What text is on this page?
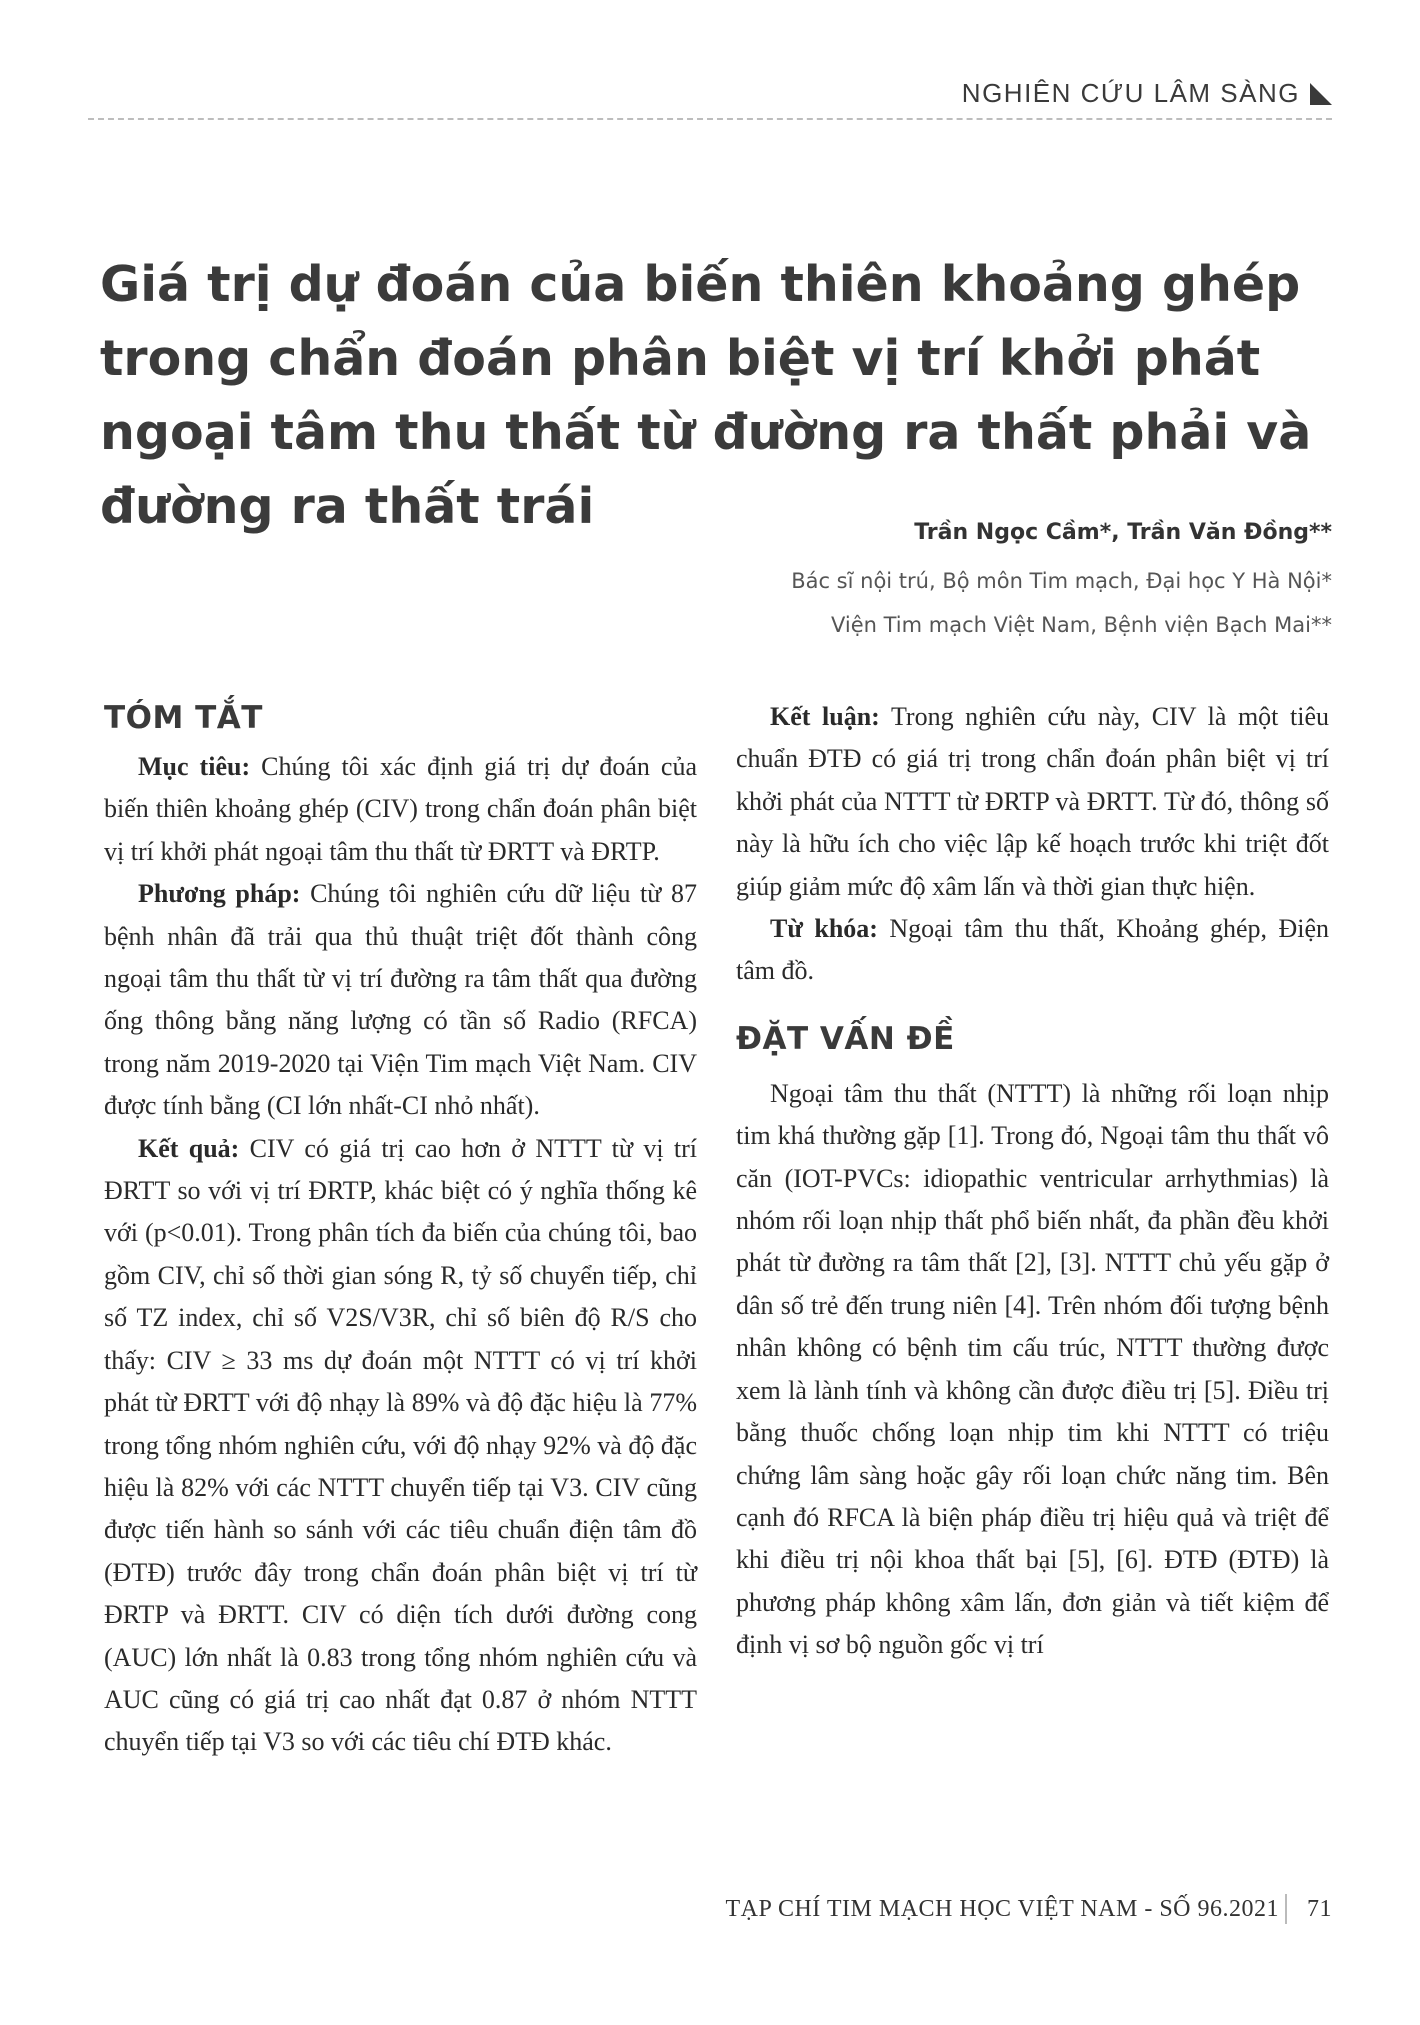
NGHIÊN CỨU LÂM SÀNG
Giá trị dự đoán của biến thiên khoảng ghép trong chẩn đoán phân biệt vị trí khởi phát ngoại tâm thu thất từ đường ra thất phải và đường ra thất trái	Trần Ngọc Cầm*, Trần Văn Đồng**
Bác sĩ nội trú, Bộ môn Tim mạch, Đại học Y Hà Nội*
Viện Tim mạch Việt Nam, Bệnh viện Bạch Mai**
TÓM TẮT

Mục tiêu: Chúng tôi xác định giá trị dự đoán của biến thiên khoảng ghép (CIV) trong chẩn đoán phân biệt vị trí khởi phát ngoại tâm thu thất từ ĐRTT và ĐRTP.

Phương pháp: Chúng tôi nghiên cứu dữ liệu từ 87 bệnh nhân đã trải qua thủ thuật triệt đốt thành công ngoại tâm thu thất từ vị trí đường ra tâm thất qua đường ống thông bằng năng lượng có tần số Radio (RFCA) trong năm 2019-2020 tại Viện Tim mạch Việt Nam. CIV được tính bằng (CI lớn nhất-CI nhỏ nhất).

Kết quả: CIV có giá trị cao hơn ở NTTT từ vị trí ĐRTT so với vị trí ĐRTP, khác biệt có ý nghĩa thống kê với (p<0.01). Trong phân tích đa biến của chúng tôi, bao gồm CIV, chỉ số thời gian sóng R, tỷ số chuyển tiếp, chỉ số TZ index, chỉ số V2S/V3R, chỉ số biên độ R/S cho thấy: CIV ≥ 33 ms dự đoán một NTTT có vị trí khởi phát từ ĐRTT với độ nhạy là 89% và độ đặc hiệu là 77% trong tổng nhóm nghiên cứu, với độ nhạy 92% và độ đặc hiệu là 82% với các NTTT chuyển tiếp tại V3. CIV cũng được tiến hành so sánh với các tiêu chuẩn điện tâm đồ (ĐTĐ) trước đây trong chẩn đoán phân biệt vị trí từ ĐRTP và ĐRTT. CIV có diện tích dưới đường cong (AUC) lớn nhất là 0.83 trong tổng nhóm nghiên cứu và AUC cũng có giá trị cao nhất đạt 0.87 ở nhóm NTTT chuyển tiếp tại V3 so với các tiêu chí ĐTĐ khác.

Kết luận: Trong nghiên cứu này, CIV là một tiêu chuẩn ĐTĐ có giá trị trong chẩn đoán phân biệt vị trí khởi phát của NTTT từ ĐRTP và ĐRTT. Từ đó, thông số này là hữu ích cho việc lập kế hoạch trước khi triệt đốt giúp giảm mức độ xâm lấn và thời gian thực hiện.

Từ khóa: Ngoại tâm thu thất, Khoảng ghép, Điện tâm đồ.

ĐẶT VẤN ĐỀ

Ngoại tâm thu thất (NTTT) là những rối loạn nhịp tim khá thường gặp [1]. Trong đó, Ngoại tâm thu thất vô căn (IOT-PVCs: idiopathic ventricular arrhythmias) là nhóm rối loạn nhịp thất phổ biến nhất, đa phần đều khởi phát từ đường ra tâm thất [2], [3]. NTTT chủ yếu gặp ở dân số trẻ đến trung niên [4]. Trên nhóm đối tượng bệnh nhân không có bệnh tim cấu trúc, NTTT thường được xem là lành tính và không cần được điều trị [5]. Điều trị bằng thuốc chống loạn nhịp tim khi NTTT có triệu chứng lâm sàng hoặc gây rối loạn chức năng tim. Bên cạnh đó RFCA là biện pháp điều trị hiệu quả và triệt để khi điều trị nội khoa thất bại [5], [6]. ĐTĐ (ĐTĐ) là phương pháp không xâm lấn, đơn giản và tiết kiệm để định vị sơ bộ nguồn gốc vị trí

TẠP CHÍ TIM MẠCH HỌC VIỆT NAM - SỐ 96.2021 71
